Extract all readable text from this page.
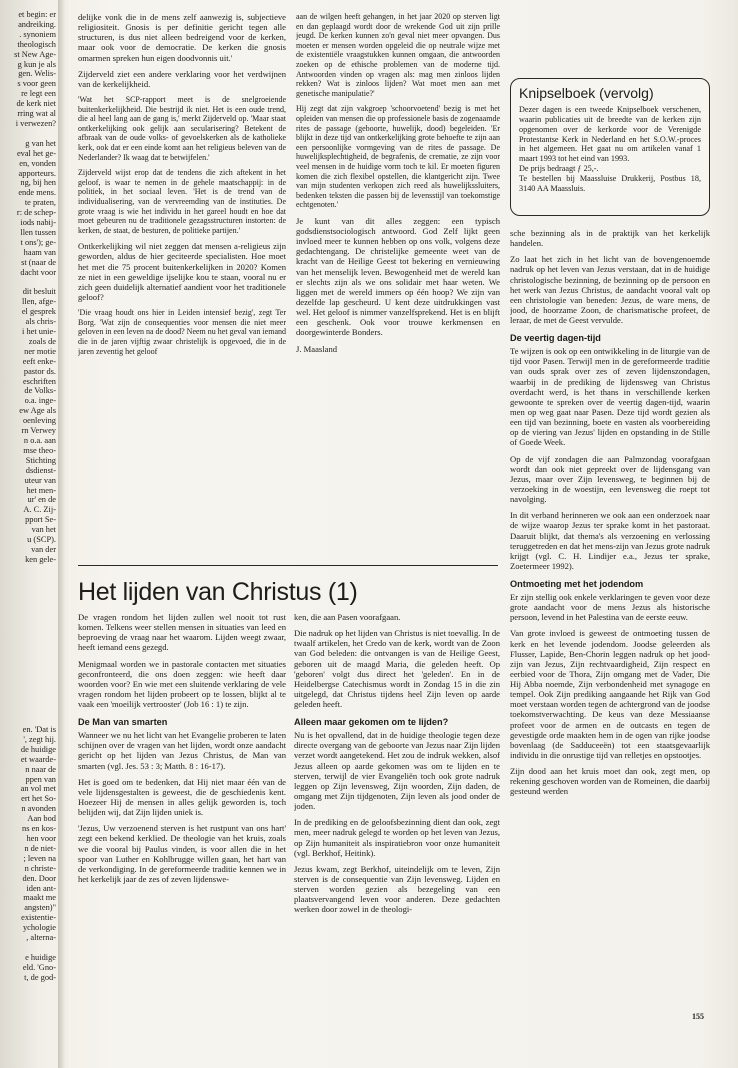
et begin: er
andreiking.
. synoniem
theologisch
st New Age-
g kun je als
gen. Welis-
s voor geen
re legt een
de kerk niet
rring wat al
i verwezen?

g van het
eval het ge-
en, vonden
apporteurs.
ng, bij hen
ende mens.
te praten,
r: de schep-
iods nabij-
llen tussen
t ons'); ge-
haam van
st (naar de
dacht voor

dit besluit
llen, afge-
el gesprek
als chris-
i het unie-
zoals de
ner motie
eeft enke-
pastor ds.
eschriften
de Volks-
o.a. inge-
ew Age als
oenleving
rn Verwey
n o.a. aan
mse theo-
Stichting
dsdienst-
uteur van
het men-
ur' en de
A. C. Zij-
pport Se-
van het
u (SCP).
van der
ken gele-
en. 'Dat is
', zegt hij.
de huidige
et waarde-
n naar de
ppen van
an vol met
ert het So-
n avonden
Aan bod
ns en kos-
hen voor
n de niet-
; leven na
n christe-
den. Door
iden ant-
maakt me
angsten)"
existentie-
ychologie
, alterna-

e huidige
eld. 'Gno-
t, de god-

delijke vonk die in de mens zelf aanwezig is, subjectieve religiositeit. Gnosis is per definitie gericht tegen alle structuren, is dus niet alleen bedreigend voor de kerken, maar ook voor de democratie. De kerken die gnosis omarmen spreken hun eigen doodvonnis uit.'

Zijderveld ziet een andere verklaring voor het verdwijnen van de kerkelijkheid.

'Wat het SCP-rapport meet is de snelgroeiende buitenkerkelijkheid. Die bestrijd ik niet. Het is een oude trend, die al heel lang aan de gang is,' merkt Zijderveld op. 'Maar staat ontkerkelijking ook gelijk aan secularisering? Betekent de afbraak van de oude volks- of gevoelskerken als de katholieke kerk, ook dat er een einde komt aan het religieus beleven van de Nederlander? Ik waag dat te betwijfelen.'

Zijderveld wijst erop dat de tendens die zich aftekent in het geloof, is waar te nemen in de gehele maatschappij: in de politiek, in het sociaal leven. 'Het is de trend van de individualisering, van de vervreemding van de instituties. De grote vraag is wie het individu in het gareel houdt en hoe dat moet gebeuren nu de traditionele gezagsstructuren instorten: de kerken, de staat, de besturen, de politieke partijen.'

Ontkerkelijking wil niet zeggen dat mensen a-religieus zijn geworden, aldus de hier geciteerde specialisten. Hoe moet het met die 75 procent buitenkerkelijken in 2020? Komen ze niet in een geweldige ijselijke kou te staan, vooral nu er zich geen duidelijk alternatief aandient voor het traditionele geloof?

'Die vraag houdt ons hier in Leiden intensief bezig', zegt Ter Borg. 'Wat zijn de consequenties voor mensen die niet meer geloven in een leven na de dood? Neem nu het geval van iemand die in de jaren vijftig zwaar christelijk is opgevoed, die in de jaren zeventig het geloof

aan de wilgen heeft gehangen, in het jaar 2020 op sterven ligt en dan geplaagd wordt door de wrekende God uit zijn prille jeugd. De kerken kunnen zo'n geval niet meer opvangen. Dus moeten er mensen worden opgeleid die op neutrale wijze met de existentiële vraagstukken kunnen omgaan, die antwoorden zoeken op de ethische problemen van de moderne tijd. Antwoorden vinden op vragen als: mag men zinloos lijden rekken? Wat is zinloos lijden? Wat moet men aan met genetische manipulatie?'

Hij zegt dat zijn vakgroep 'schoorvoetend' bezig is met het opleiden van mensen die op professionele basis de zogenaamde rites de passage (geboorte, huwelijk, dood) begeleiden. 'Er blijkt in deze tijd van ontkerkelijking grote behoefte te zijn aan een persoonlijke vormgeving van de rites de passage. De huwelijksplechtigheid, de begrafenis, de crematie, ze zijn voor veel mensen in de huidige vorm toch te kil. Er moeten figuren komen die zich flexibel opstellen, die klantgericht zijn. Twee van mijn studenten verkopen zich reed als huwelijkssluiters, bedenken teksten die passen bij de levensstijl van toekomstige echtgenoten.'

Je kunt van dit alles zeggen: een typisch godsdienstsociologisch antwoord. God Zelf lijkt geen invloed meer te kunnen hebben op ons volk, volgens deze gedachtengang. De christelijke gemeente weet van de kracht van de Heilige Geest tot bekering en vernieuwing van het menselijk leven. Bewogenheid met de wereld kan er slechts zijn als we ons solidair met haar weten. We liggen met de wereld immers op één hoop? We zijn van dezelfde lap gescheurd. U kent deze uitdrukkingen vast wel. Het geloof is nimmer vanzelfsprekend. Het is en blijft een geschenk. Ook voor trouwe kerkmensen en doorgewinterde Bonders.

J. Maasland

Knipselboek (vervolg)

Dezer dagen is een tweede Knipselboek verschenen, waarin publicaties uit de breedte van de kerken zijn opgenomen over de kerkorde voor de Verenigde Protestantse Kerk in Nederland en het S.O.W.-proces in het algemeen. Het gaat nu om artikelen vanaf 1 maart 1993 tot het eind van 1993.

De prijs bedraagt ƒ 25,-.

Te bestellen bij Maassluise Drukkerij, Postbus 18, 3140 AA Maassluis.

sche bezinning als in de praktijk van het kerkelijk handelen.

Zo laat het zich in het licht van de bovengenoemde nadruk op het leven van Jezus verstaan, dat in de huidige christologische bezinning, de bezinning op de persoon en het werk van Jezus Christus, de aandacht vooral valt op een christologie van beneden: Jezus, de ware mens, de jood, de hoorzame Zoon, de charismatische profeet, de leraar, de met de Geest vervulde.

De veertig dagen-tijd

Te wijzen is ook op een ontwikkeling in de liturgie van de tijd voor Pasen. Terwijl men in de gereformeerde traditie van ouds sprak over zes of zeven lijdenszondagen, waarbij in de prediking de lijdensweg van Christus overdacht werd, is het thans in verschillende kerken gewoonte te spreken over de veertig dagen-tijd, waarin men op weg gaat naar Pasen. Deze tijd wordt gezien als een tijd van bezinning, boete en vasten als voorbereiding op de viering van Jezus' lijden en opstanding in de Stille of Goede Week.

Op de vijf zondagen die aan Palmzondag voorafgaan wordt dan ook niet gepreekt over de lijdensgang van Jezus, maar over Zijn levensweg, te beginnen bij de verzoeking in de woestijn, een levensweg die roept tot navolging.

In dit verband herinneren we ook aan een onderzoek naar de wijze waarop Jezus ter sprake komt in het pastoraat. Daaruit blijkt, dat thema's als verzoening en verlossing teruggetreden en dat het mens-zijn van Jezus grote nadruk krijgt (vgl. C. H. Lindijer e.a., Jezus ter sprake, Zoetermeer 1992).

Ontmoeting met het jodendom

Er zijn stellig ook enkele verklaringen te geven voor deze grote aandacht voor de mens Jezus als historische persoon, levend in het Palestina van de eerste eeuw.

Van grote invloed is geweest de ontmoeting tussen de kerk en het levende jodendom. Joodse geleerden als Flusser, Lapide, Ben-Chorin leggen nadruk op het jood-zijn van Jezus, Zijn rechtvaardigheid, Zijn respect en eerbied voor de Thora, Zijn omgang met de Vader, Die Hij Abba noemde, Zijn verbondenheid met synagoge en tempel. Ook Zijn prediking aangaande het Rijk van God moet verstaan worden tegen de achtergrond van de joodse toekomstverwachting. De keus van deze Messiaanse profeet voor de armen en de outcasts en tegen de gevestigde orde maakten hem in de ogen van rijke joodse bovenlaag (de Sadduceeën) tot een staatsgevaarlijk individu in die onrustige tijd van relletjes en opstootjes.

Zijn dood aan het kruis moet dan ook, zegt men, op rekening geschoven worden van de Romeinen, die daarbij gesteund werden

Het lijden van Christus (1)

De vragen rondom het lijden zullen wel nooit tot rust komen. Telkens weer stellen mensen in situaties van leed en beproeving de vraag naar het waarom. Lijden weegt zwaar, heeft iemand eens gezegd.

Menigmaal worden we in pastorale contacten met situaties geconfronteerd, die ons doen zeggen: wie heeft daar woorden voor? En wie met een sluitende verklaring de vele vragen rondom het lijden probeert op te lossen, blijkt al te vaak een 'moeilijk vertrooster' (Job 16 : 1) te zijn.

De Man van smarten

Wanneer we nu het licht van het Evangelie proberen te laten schijnen over de vragen van het lijden, wordt onze aandacht gericht op het lijden van Jezus Christus, de Man van smarten (vgl. Jes. 53 : 3; Matth. 8 : 16-17).

Het is goed om te bedenken, dat Hij niet maar één van de vele lijdensgestalten is geweest, die de geschiedenis kent. Hoezeer Hij de mensen in alles gelijk geworden is, toch belijden wij, dat Zijn lijden uniek is.

'Jezus, Uw verzoenend sterven is het rustpunt van ons hart' zegt een bekend kerklied. De theologie van het kruis, zoals we die vooral bij Paulus vinden, is voor allen die in het spoor van Luther en Kohlbrugge willen gaan, het hart van de verkondiging. In de gereformeerde traditie kennen we in het kerkelijk jaar de zes of zeven lijdenswe-

ken, die aan Pasen voorafgaan.

Die nadruk op het lijden van Christus is niet toevallig. In de twaalf artikelen, het Credo van de kerk, wordt van de Zoon van God beleden: die ontvangen is van de Heilige Geest, geboren uit de maagd Maria, die geleden heeft. Op 'geboren' volgt dus direct het 'geleden'. En in de Heidelbergse Catechismus wordt in Zondag 15 in die zin uitgelegd, dat Christus tijdens heel Zijn leven op aarde geleden heeft.

Alleen maar gekomen om te lijden?

Nu is het opvallend, dat in de huidige theologie tegen deze directe overgang van de geboorte van Jezus naar Zijn lijden verzet wordt aangetekend. Het zou de indruk wekken, alsof Jezus alleen op aarde gekomen was om te lijden en te sterven, terwijl de vier Evangeliën toch ook grote nadruk leggen op Zijn levensweg, Zijn woorden, Zijn daden, de omgang met Zijn tijdgenoten, Zijn leven als jood onder de joden.

In de prediking en de geloofsbezinning dient dan ook, zegt men, meer nadruk gelegd te worden op het leven van Jezus, op Zijn humaniteit als inspiratiebron voor onze humaniteit (vgl. Berkhof, Heitink).

Jezus kwam, zegt Berkhof, uiteindelijk om te leven, Zijn sterven is de consequentie van Zijn levensweg. Lijden en sterven worden gezien als bezegeling van een plaatsvervangend leven voor anderen. Deze gedachten werken door zowel in de theologi-

155
